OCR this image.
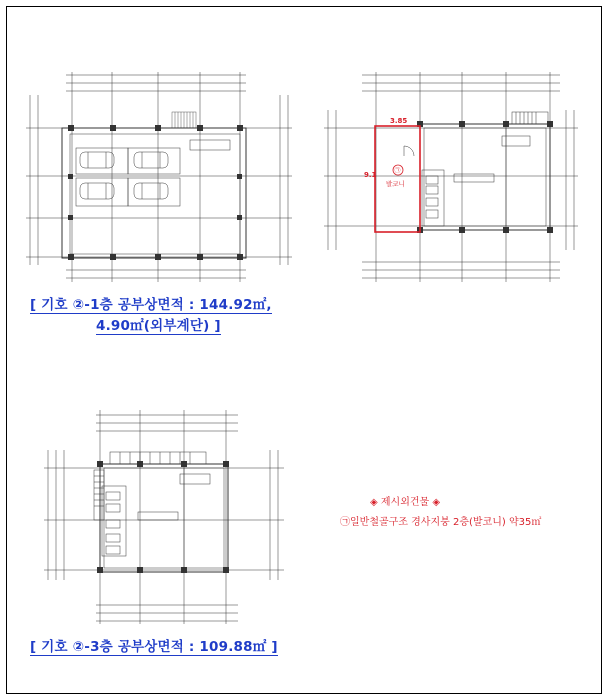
3.85
9.1	㉠
발코니
[ 기호 ②-1층 공부상면적 : 144.92㎡,
4.90㎡(외부계단) ]
[ 기호 ②-3층 공부상면적 : 109.88㎡ ]
◈ 제시외건물 ◈
㉠일반철골구조 경사지붕 2층(발코니) 약35㎡
